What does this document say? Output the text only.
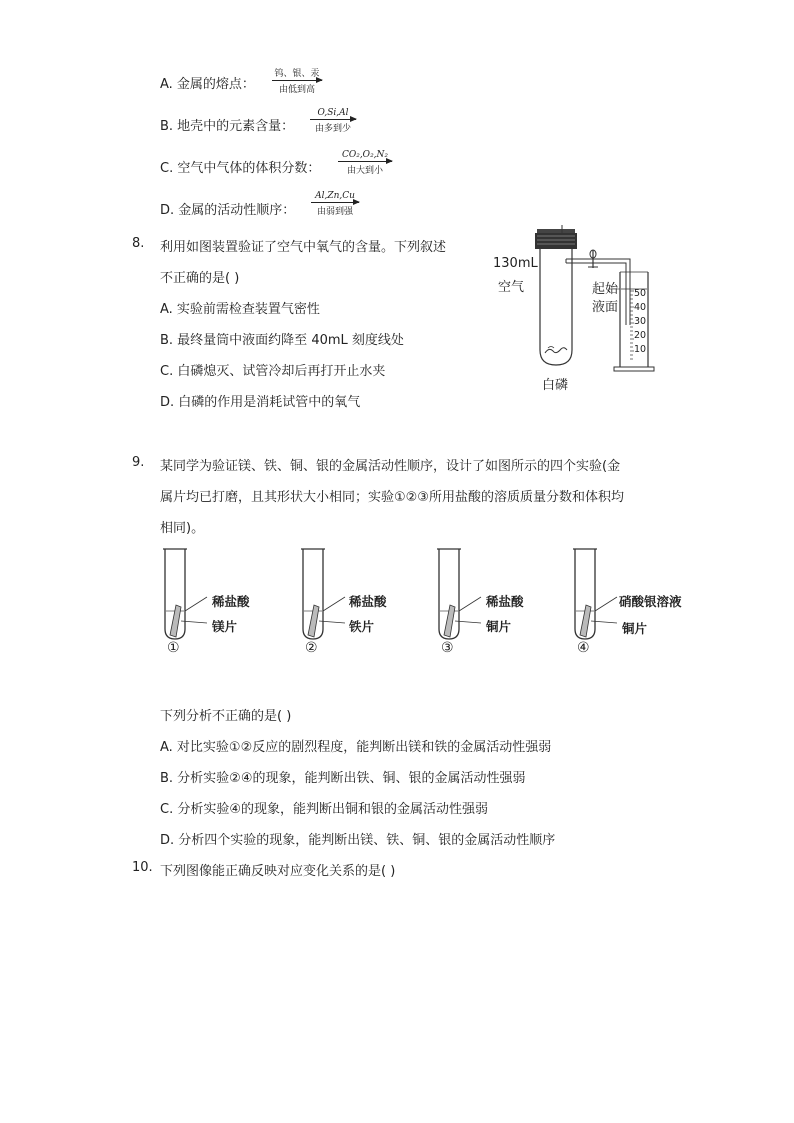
A. 金属的熔点：
钨、银、汞
由低到高
B. 地壳中的元素含量：
O,Si,Al
由多到少
C. 空气中气体的体积分数：
CO₂,O₂,N₂
由大到小
D. 金属的活动性顺序：
Al,Zn,Cu
由弱到强
8. 利用如图装置验证了空气中氧气的含量。下列叙述
不正确的是( )
A. 实验前需检查装置气密性
B. 最终量筒中液面约降至 40mL 刻度线处
C. 白磷熄灭、试管冷却后再打开止水夹
D. 白磷的作用是消耗试管中的氧气
130mL
空气	起始
液面
白磷
50
40
30
20
10
9. 某同学为验证镁、铁、铜、银的金属活动性顺序，设计了如图所示的四个实验(金
属片均已打磨，且其形状大小相同；实验①②③所用盐酸的溶质质量分数和体积均
相同)。
稀盐酸
镁片
①
稀盐酸
铁片
②
稀盐酸
铜片
③
硝酸银溶液
铜片
④
下列分析不正确的是( )
A. 对比实验①②反应的剧烈程度，能判断出镁和铁的金属活动性强弱
B. 分析实验②④的现象，能判断出铁、铜、银的金属活动性强弱
C. 分析实验④的现象，能判断出铜和银的金属活动性强弱
D. 分析四个实验的现象，能判断出镁、铁、铜、银的金属活动性顺序
10. 下列图像能正确反映对应变化关系的是( )
